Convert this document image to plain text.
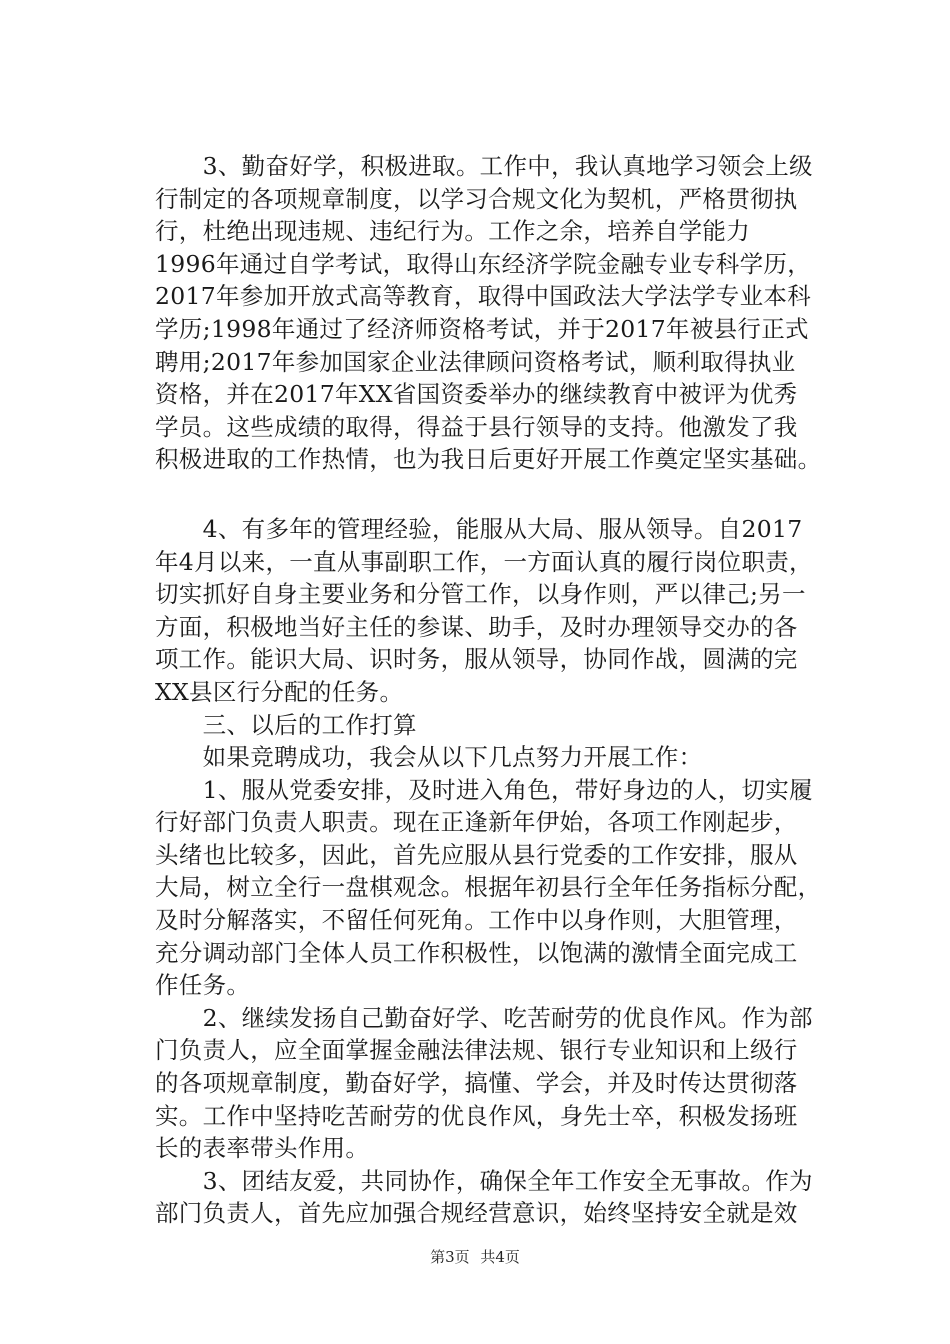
　　3、勤奋好学，积极进取。工作中，我认真地学习领会上级
行制定的各项规章制度，以学习合规文化为契机，严格贯彻执
行，杜绝出现违规、违纪行为。工作之余，培养自学能力
1996年通过自学考试，取得山东经济学院金融专业专科学历，
2017年参加开放式高等教育，取得中国政法大学法学专业本科
学历;1998年通过了经济师资格考试，并于2017年被县行正式
聘用;2017年参加国家企业法律顾问资格考试，顺利取得执业
资格，并在2017年XX省国资委举办的继续教育中被评为优秀
学员。这些成绩的取得，得益于县行领导的支持。他激发了我
积极进取的工作热情，也为我日后更好开展工作奠定坚实基础。

　　4、有多年的管理经验，能服从大局、服从领导。自2017
年4月以来，一直从事副职工作，一方面认真的履行岗位职责，
切实抓好自身主要业务和分管工作，以身作则，严以律己;另一
方面，积极地当好主任的参谋、助手，及时办理领导交办的各
项工作。能识大局、识时务，服从领导，协同作战，圆满的完
XX县区行分配的任务。

　　三、以后的工作打算

　　如果竞聘成功，我会从以下几点努力开展工作：

　　1、服从党委安排，及时进入角色，带好身边的人，切实履
行好部门负责人职责。现在正逢新年伊始，各项工作刚起步，
头绪也比较多，因此，首先应服从县行党委的工作安排，服从
大局，树立全行一盘棋观念。根据年初县行全年任务指标分配，
及时分解落实，不留任何死角。工作中以身作则，大胆管理，
充分调动部门全体人员工作积极性，以饱满的激情全面完成工
作任务。

　　2、继续发扬自己勤奋好学、吃苦耐劳的优良作风。作为部
门负责人，应全面掌握金融法律法规、银行专业知识和上级行
的各项规章制度，勤奋好学，搞懂、学会，并及时传达贯彻落
实。工作中坚持吃苦耐劳的优良作风，身先士卒，积极发扬班
长的表率带头作用。

　　3、团结友爱，共同协作，确保全年工作安全无事故。作为
部门负责人，首先应加强合规经营意识，始终坚持安全就是效

第3页 共4页
